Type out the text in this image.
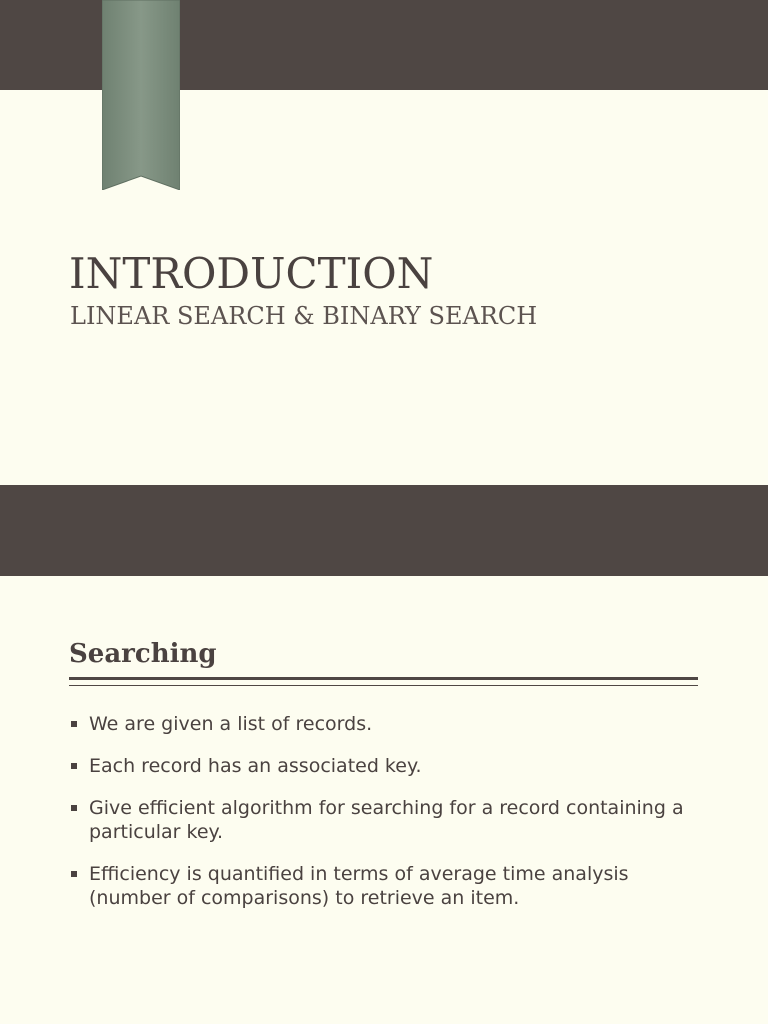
INTRODUCTION
LINEAR SEARCH & BINARY SEARCH
Searching
We are given a list of records.
Each record has an associated key.
Give efficient algorithm for searching for a record containing a particular key.
Efficiency is quantified in terms of average time analysis (number of comparisons) to retrieve an item.
